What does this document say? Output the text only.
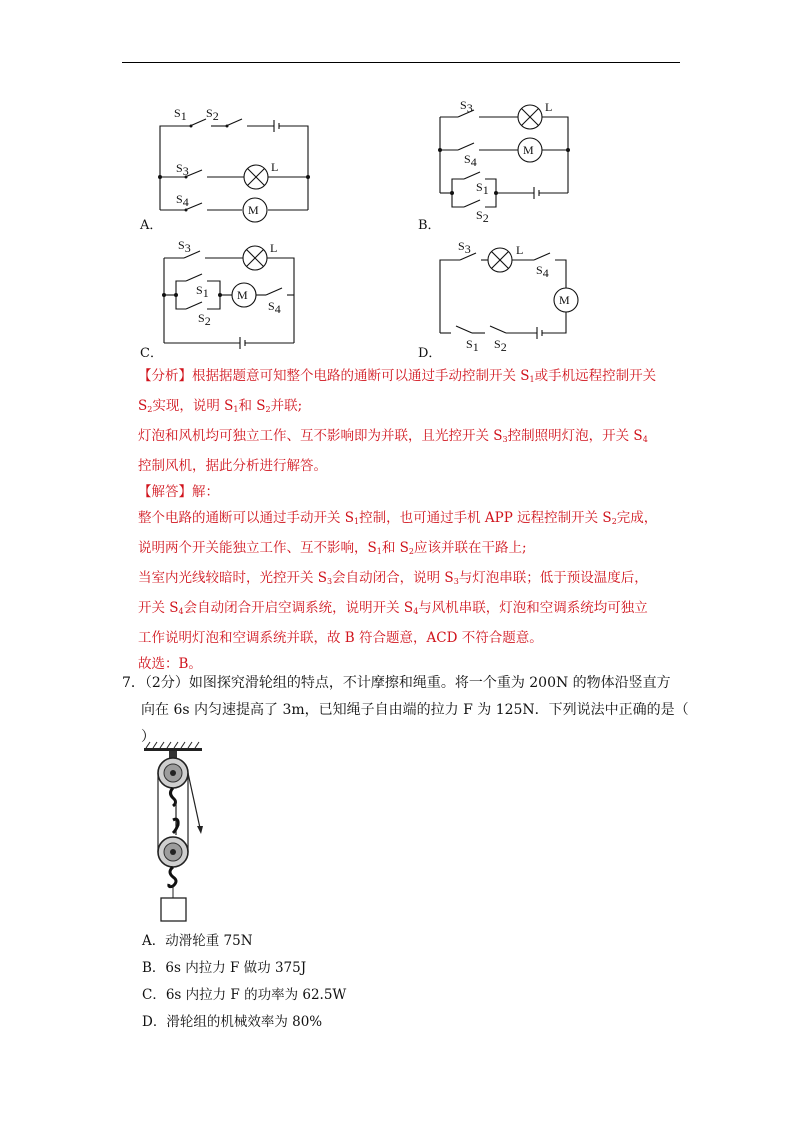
S1 S2
S3	L
S4
M
A．
S3	L
S4
M
S1
S2
B．
S3	L
S1 M
S4
S2
C．
S3	L
S4
M
S1 S2
D．

【分析】根据据题意可知整个电路的通断可以通过手动控制开关 $S_1$或手机远程控制开关

$S_2$实现，说明 $S_1$和 $S_2$并联;

灯泡和风机均可独立工作、互不影响即为并联，且光控开关 $S_3$控制照明灯泡，开关 $S_4$

控制风机，据此分析进行解答。

【解答】解：

整个电路的通断可以通过手动开关 $S_1$控制，也可通过手机 APP 远程控制开关 $S_2$完成，

说明两个开关能独立工作、互不影响，$S_1$和 $S_2$应该并联在干路上;

当室内光线较暗时，光控开关 $S_3$会自动闭合，说明 $S_3$与灯泡串联；低于预设温度后，

开关 $S_4$会自动闭合开启空调系统，说明开关 $S_4$与风机串联，灯泡和空调系统均可独立

工作说明灯泡和空调系统并联，故 B 符合题意，ACD 不符合题意。

故选：B。

7．（2分）如图探究滑轮组的特点，不计摩擦和绳重。将一个重为 200N 的物体沿竖直方

向在 6s 内匀速提高了 3m，已知绳子自由端的拉力 F 为 125N．下列说法中正确的是（

）

A．动滑轮重 75N

B．6s 内拉力 F 做功 375J

C．6s 内拉力 F 的功率为 62.5W

D．滑轮组的机械效率为 80%
